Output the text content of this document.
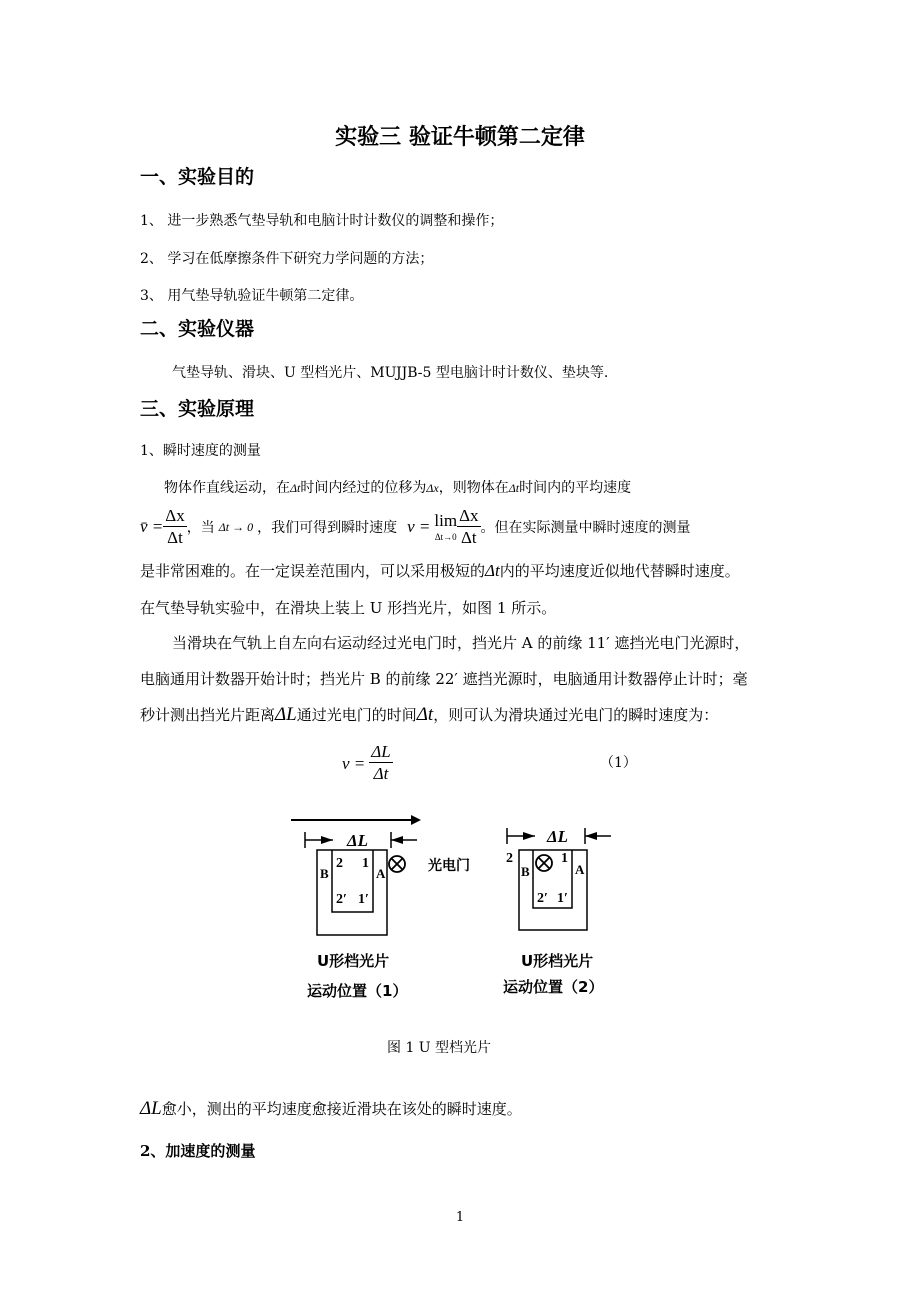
实验三 验证牛顿第二定律
一、实验目的
1、 进一步熟悉气垫导轨和电脑计时计数仪的调整和操作；
2、 学习在低摩擦条件下研究力学问题的方法；
3、 用气垫导轨验证牛顿第二定律。
二、实验仪器
气垫导轨、滑块、U 型档光片、MUJJB-5 型电脑计时计数仪、垫块等.
三、实验原理
1、瞬时速度的测量
物体作直线运动，在Δt时间内经过的位移为Δx，则物体在Δt时间内的平均速度
v̄ = $\frac{\Delta x}{\Delta t}$ ，当 Δt → 0 ，我们可得到瞬时速度 v = lim
$\Delta t\to 0 \frac{\Delta x}{\Delta t}$ 。但在实际测量中瞬时速度的测量
是非常困难的。在一定误差范围内，可以采用极短的Δt内的平均速度近似地代替瞬时速度。
在气垫导轨实验中，在滑块上装上 U 形挡光片，如图 1 所示。
当滑块在气轨上自左向右运动经过光电门时，挡光片 A 的前缘 11′ 遮挡光电门光源时，
电脑通用计数器开始计时；挡光片 B 的前缘 22′ 遮挡光源时，电脑通用计数器停止计时；毫
秒计测出挡光片距离ΔL通过光电门的时间Δt，则可认为滑块通过光电门的瞬时速度为：
$v = \frac{\Delta L}{\Delta t}$	（1）
ΔL
2 1
B	A
2′ 1′
光电门
U形档光片
运动位置（1）
ΔL
2	1
B	A
2′ 1′
U形档光片
运动位置（2）
图 1 U 型档光片
ΔL愈小，测出的平均速度愈接近滑块在该处的瞬时速度。
2、加速度的测量
1
